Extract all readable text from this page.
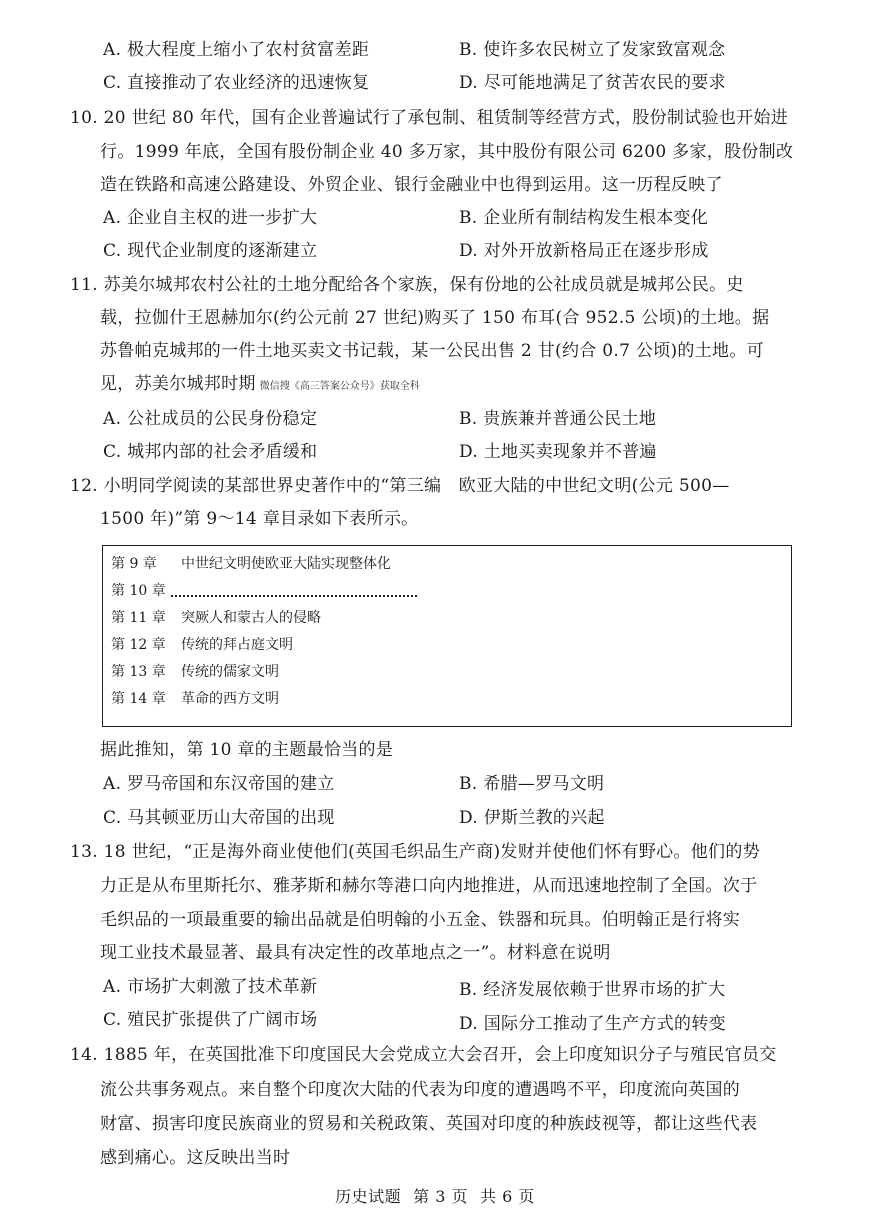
A. 极大程度上缩小了农村贫富差距	B. 使许多农民树立了发家致富观念
C. 直接推动了农业经济的迅速恢复	D. 尽可能地满足了贫苦农民的要求
10. 20 世纪 80 年代，国有企业普遍试行了承包制、租赁制等经营方式，股份制试验也开始进
行。1999 年底，全国有股份制企业 40 多万家，其中股份有限公司 6200 多家，股份制改
造在铁路和高速公路建设、外贸企业、银行金融业中也得到运用。这一历程反映了
A. 企业自主权的进一步扩大	B. 企业所有制结构发生根本变化
C. 现代企业制度的逐渐建立	D. 对外开放新格局正在逐步形成
11. 苏美尔城邦农村公社的土地分配给各个家族，保有份地的公社成员就是城邦公民。史
载，拉伽什王恩赫加尔(约公元前 27 世纪)购买了 150 布耳(合 952.5 公顷)的土地。据
苏鲁帕克城邦的一件土地买卖文书记载，某一公民出售 2 甘(约合 0.7 公顷)的土地。可
见，苏美尔城邦时期 微信搜《高三答案公众号》获取全科
A. 公社成员的公民身份稳定	B. 贵族兼并普通公民土地
C. 城邦内部的社会矛盾缓和	D. 土地买卖现象并不普遍
12. 小明同学阅读的某部世界史著作中的“第三编　欧亚大陆的中世纪文明(公元 500—
1500 年)”第 9～14 章目录如下表所示。
第 9 章 中世纪文明使欧亚大陆实现整体化
第 10 章
第 11 章 突厥人和蒙古人的侵略
第 12 章 传统的拜占庭文明
第 13 章 传统的儒家文明
第 14 章 革命的西方文明
据此推知，第 10 章的主题最恰当的是
A. 罗马帝国和东汉帝国的建立	B. 希腊—罗马文明
C. 马其顿亚历山大帝国的出现	D. 伊斯兰教的兴起
13. 18 世纪，“正是海外商业使他们(英国毛织品生产商)发财并使他们怀有野心。他们的势
力正是从布里斯托尔、雅茅斯和赫尔等港口向内地推进，从而迅速地控制了全国。次于
毛织品的一项最重要的输出品就是伯明翰的小五金、铁器和玩具。伯明翰正是行将实
现工业技术最显著、最具有决定性的改革地点之一”。材料意在说明
A. 市场扩大刺激了技术革新	B. 经济发展依赖于世界市场的扩大
C. 殖民扩张提供了广阔市场	D. 国际分工推动了生产方式的转变
14. 1885 年，在英国批准下印度国民大会党成立大会召开，会上印度知识分子与殖民官员交
流公共事务观点。来自整个印度次大陆的代表为印度的遭遇鸣不平，印度流向英国的
财富、损害印度民族商业的贸易和关税政策、英国对印度的种族歧视等，都让这些代表
感到痛心。这反映出当时
历史试题 第 3 页 共 6 页
